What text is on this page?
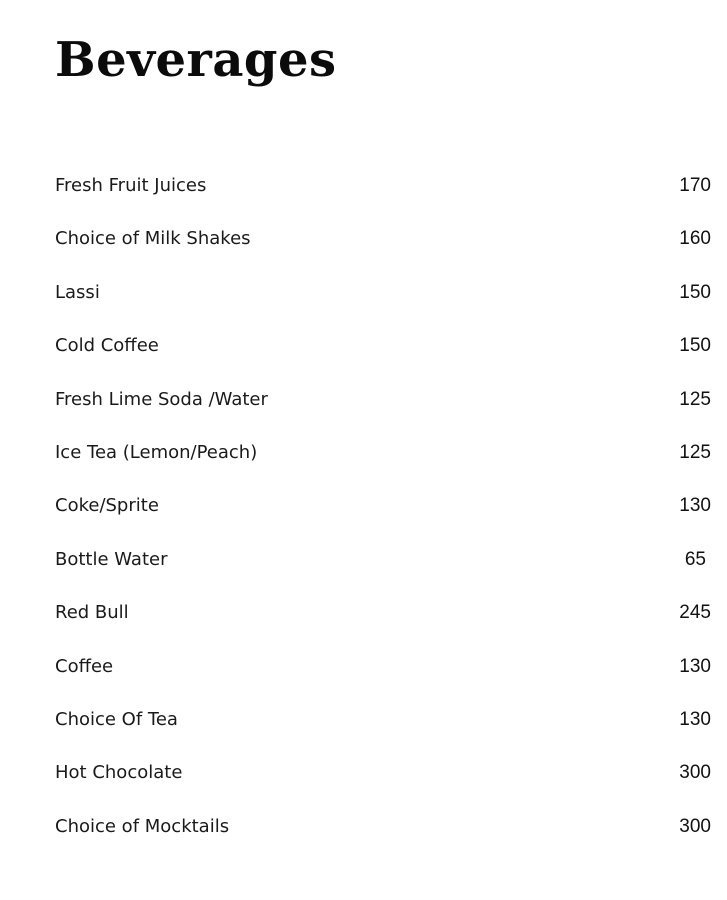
Beverages
Fresh Fruit Juices	170
Choice of Milk Shakes	160
Lassi	150
Cold Coffee	150
Fresh Lime Soda /Water	125
Ice Tea (Lemon/Peach)	125
Coke/Sprite	130
Bottle Water	65
Red Bull	245
Coffee	130
Choice Of Tea	130
Hot Chocolate	300
Choice of Mocktails	300
